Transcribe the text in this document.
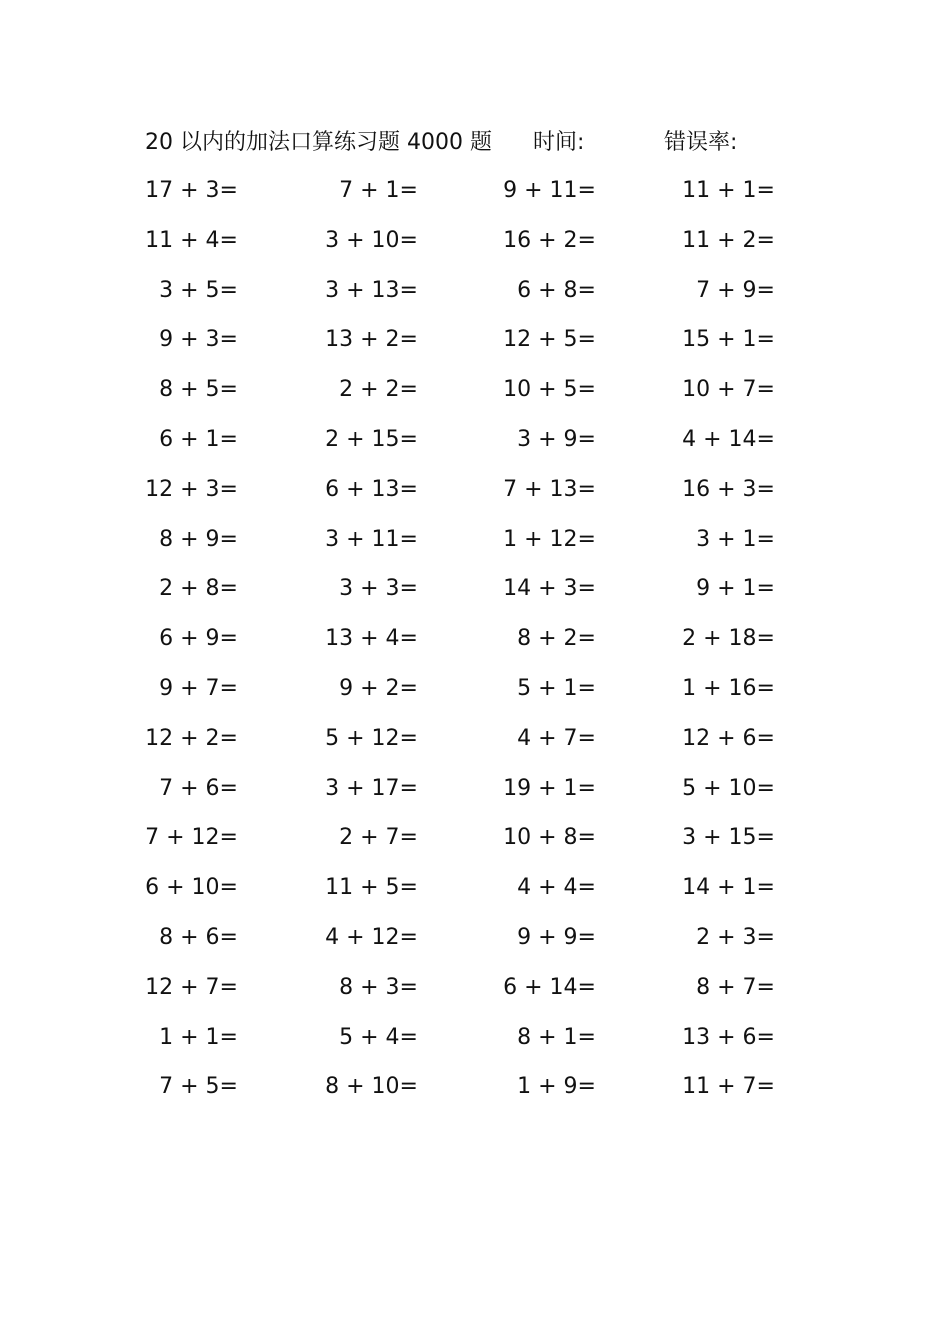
20 以内的加法口算练习题 4000 题 时间:	错误率:
17 + 3=	7 + 1=	9 + 11=	11 + 1=
11 + 4=	3 + 10=	16 + 2=	11 + 2=
3 + 5=	3 + 13=	6 + 8=	7 + 9=
9 + 3=	13 + 2=	12 + 5=	15 + 1=
8 + 5=	2 + 2=	10 + 5=	10 + 7=
6 + 1=	2 + 15=	3 + 9=	4 + 14=
12 + 3=	6 + 13=	7 + 13=	16 + 3=
8 + 9=	3 + 11=	1 + 12=	3 + 1=
2 + 8=	3 + 3=	14 + 3=	9 + 1=
6 + 9=	13 + 4=	8 + 2=	2 + 18=
9 + 7=	9 + 2=	5 + 1=	1 + 16=
12 + 2=	5 + 12=	4 + 7=	12 + 6=
7 + 6=	3 + 17=	19 + 1=	5 + 10=
7 + 12=	2 + 7=	10 + 8=	3 + 15=
6 + 10=	11 + 5=	4 + 4=	14 + 1=
8 + 6=	4 + 12=	9 + 9=	2 + 3=
12 + 7=	8 + 3=	6 + 14=	8 + 7=
1 + 1=	5 + 4=	8 + 1=	13 + 6=
7 + 5=	8 + 10=	1 + 9=	11 + 7=
